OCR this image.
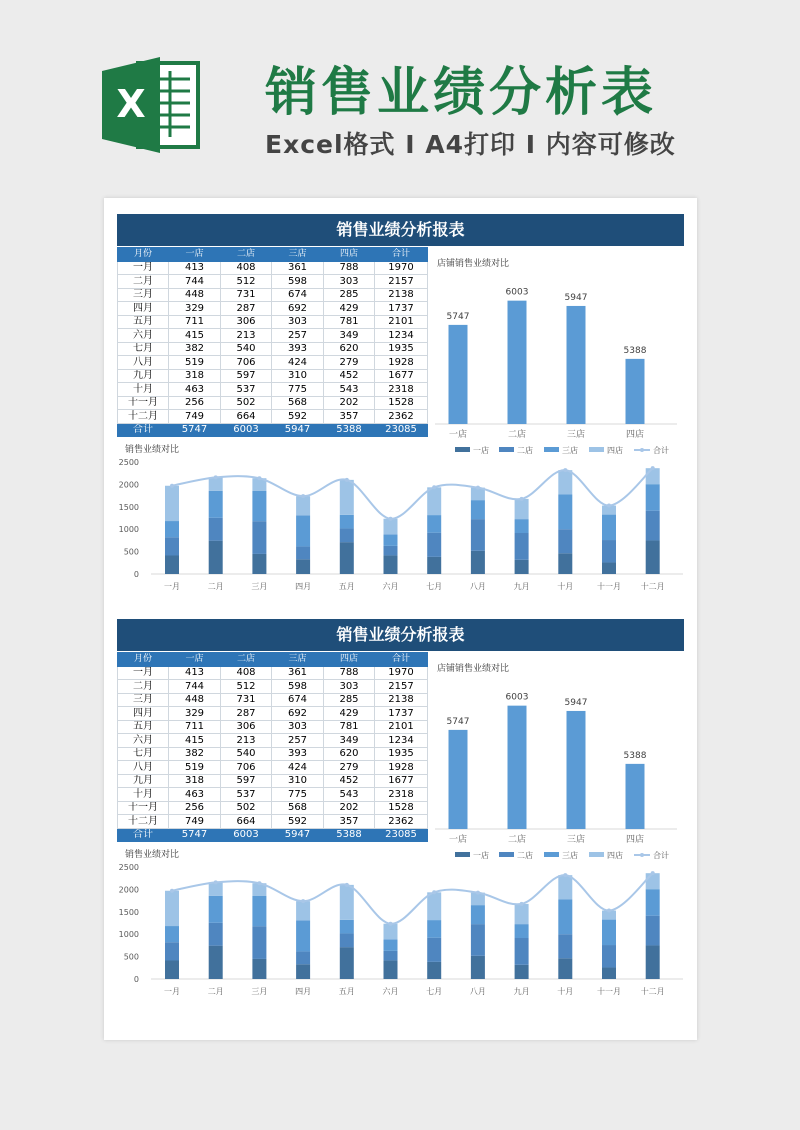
X 销售业绩分析表
Excel格式 I A4打印 I 内容可修改
销售业绩分析报表
月份	一店	二店	三店	四店	合计
一月	413	408	361	788	1970
二月	744	512	598	303	2157
三月	448	731	674	285	2138
四月	329	287	692	429	1737
五月	711	306	303	781	2101
六月	415	213	257	349	1234
七月	382	540	393	620	1935
八月	519	706	424	279	1928
九月	318	597	310	452	1677
十月	463	537	775	543	2318
十一月	256	502	568	202	1528
十二月	749	664	592	357	2362
合计	5747	6003	5947	5388	23085
店铺销售业绩对比
5747
一店
6003
二店
5947
三店
5388
四店
销售业绩对比	一店	二店	三店	四店	合计
0
500
1000
1500
2000
2500
一月	二月	三月	四月	五月	六月	七月	八月	九月	十月	十一月 十二月
销售业绩分析报表
月份	一店	二店	三店	四店	合计
一月	413	408	361	788	1970
二月	744	512	598	303	2157
三月	448	731	674	285	2138
四月	329	287	692	429	1737
五月	711	306	303	781	2101
六月	415	213	257	349	1234
七月	382	540	393	620	1935
八月	519	706	424	279	1928
九月	318	597	310	452	1677
十月	463	537	775	543	2318
十一月	256	502	568	202	1528
十二月	749	664	592	357	2362
合计	5747	6003	5947	5388	23085
店铺销售业绩对比
5747
一店
6003
二店
5947
三店
5388
四店
销售业绩对比	一店	二店	三店	四店	合计
0
500
1000
1500
2000
2500
一月	二月	三月	四月	五月	六月	七月	八月	九月	十月	十一月 十二月
